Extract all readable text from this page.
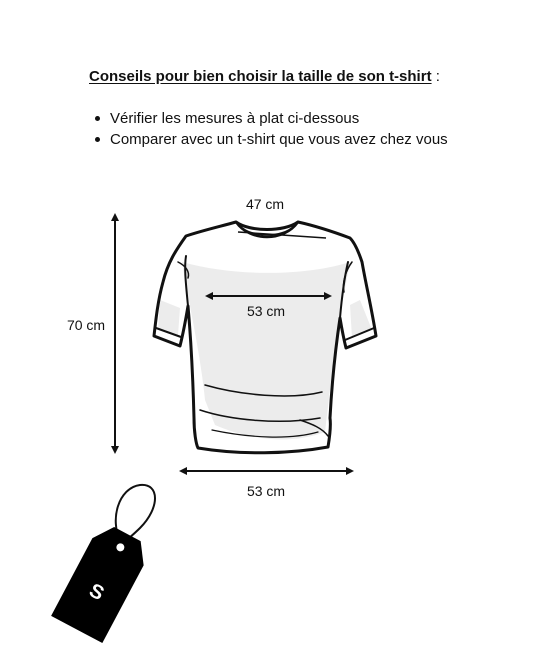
Conseils pour bien choisir la taille de son t-shirt :
Vérifier les mesures à plat ci-dessous
Comparer avec un t-shirt que vous avez chez vous
S
47 cm
53 cm
70 cm
53 cm
